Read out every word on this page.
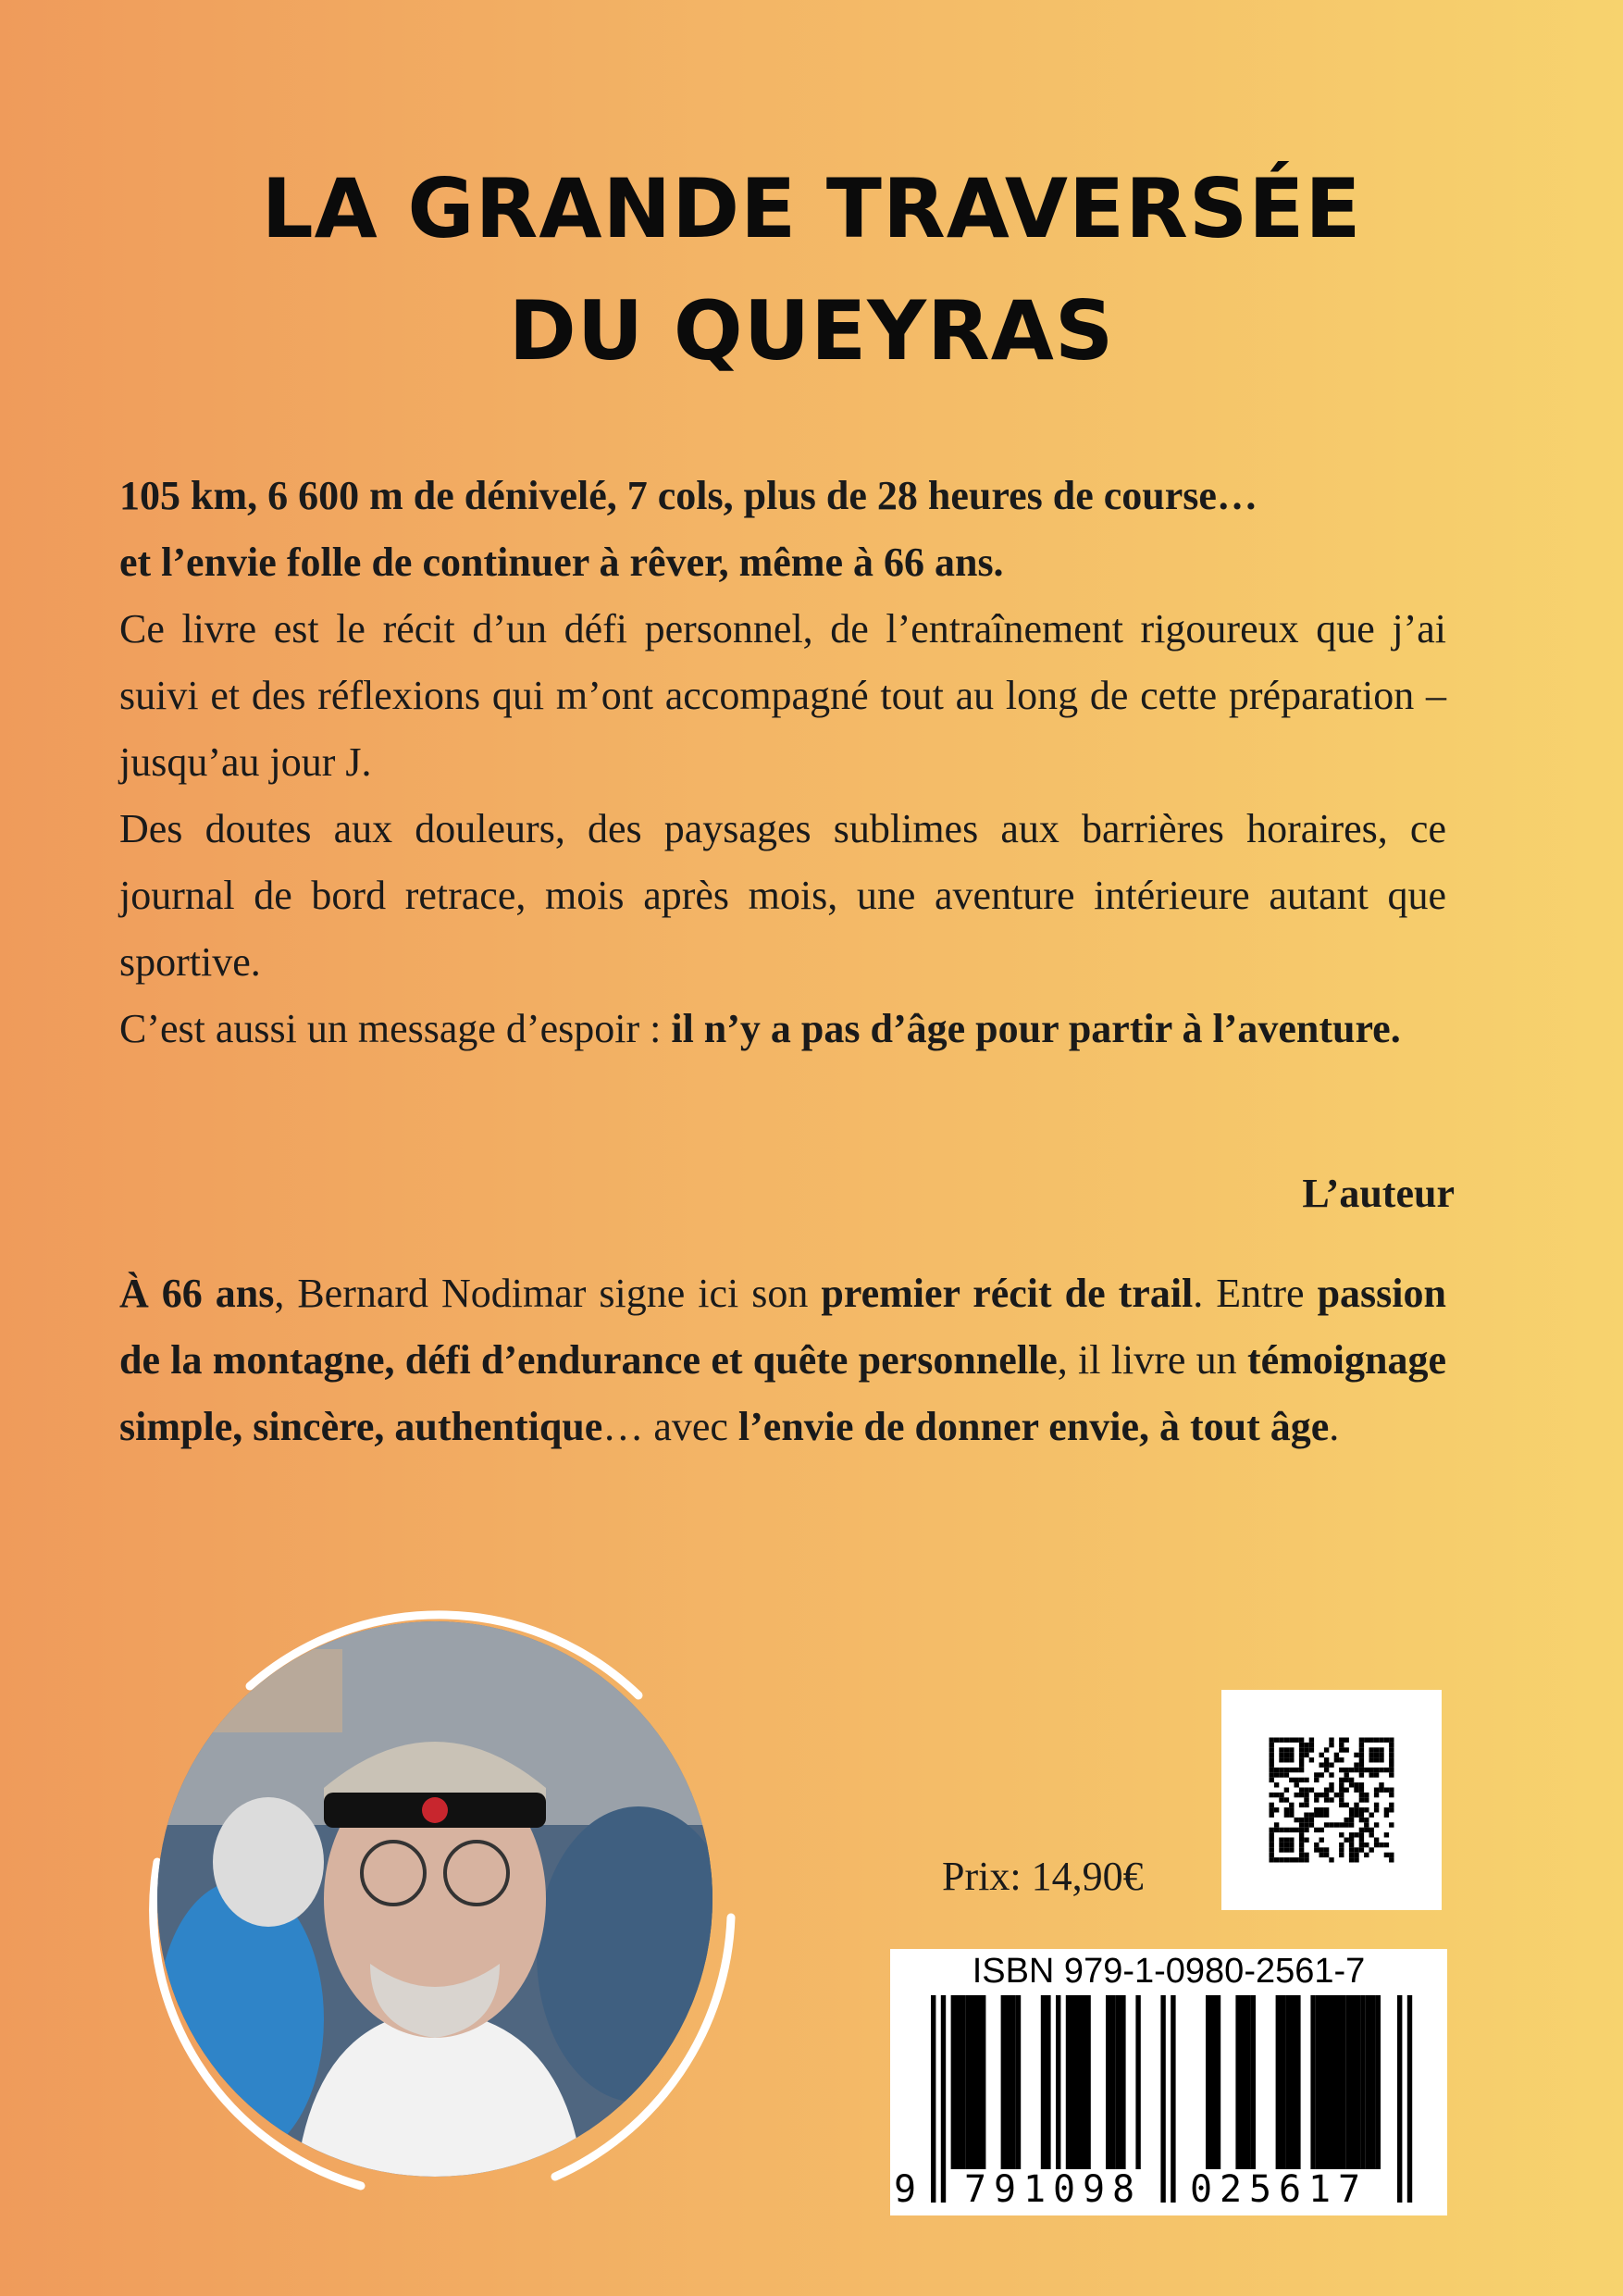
LA GRANDE TRAVERSÉE
DU QUEYRAS

105 km, 6 600 m de dénivelé, 7 cols, plus de 28 heures de course…

et l’envie folle de continuer à rêver, même à 66 ans.

Ce livre est le récit d’un défi personnel, de l’entraînement rigoureux que j’ai suivi et des réflexions qui m’ont accompagné tout au long de cette préparation – jusqu’au jour J.

Des doutes aux douleurs, des paysages sublimes aux barrières horaires, ce journal de bord retrace, mois après mois, une aventure intérieure autant que sportive.

C’est aussi un message d’espoir : il n’y a pas d’âge pour partir à l’aventure.

L’auteur
À 66 ans, Bernard Nodimar signe ici son premier récit de trail. Entre passion de la montagne, défi d’endurance et quête personnelle, il livre un témoignage simple, sincère, authentique… avec l’envie de donner envie, à tout âge.
Prix: 14,90€
ISBN 979-1-0980-2561-7
9 7 9 1 0 9 8 0 2 5 6 1 7
